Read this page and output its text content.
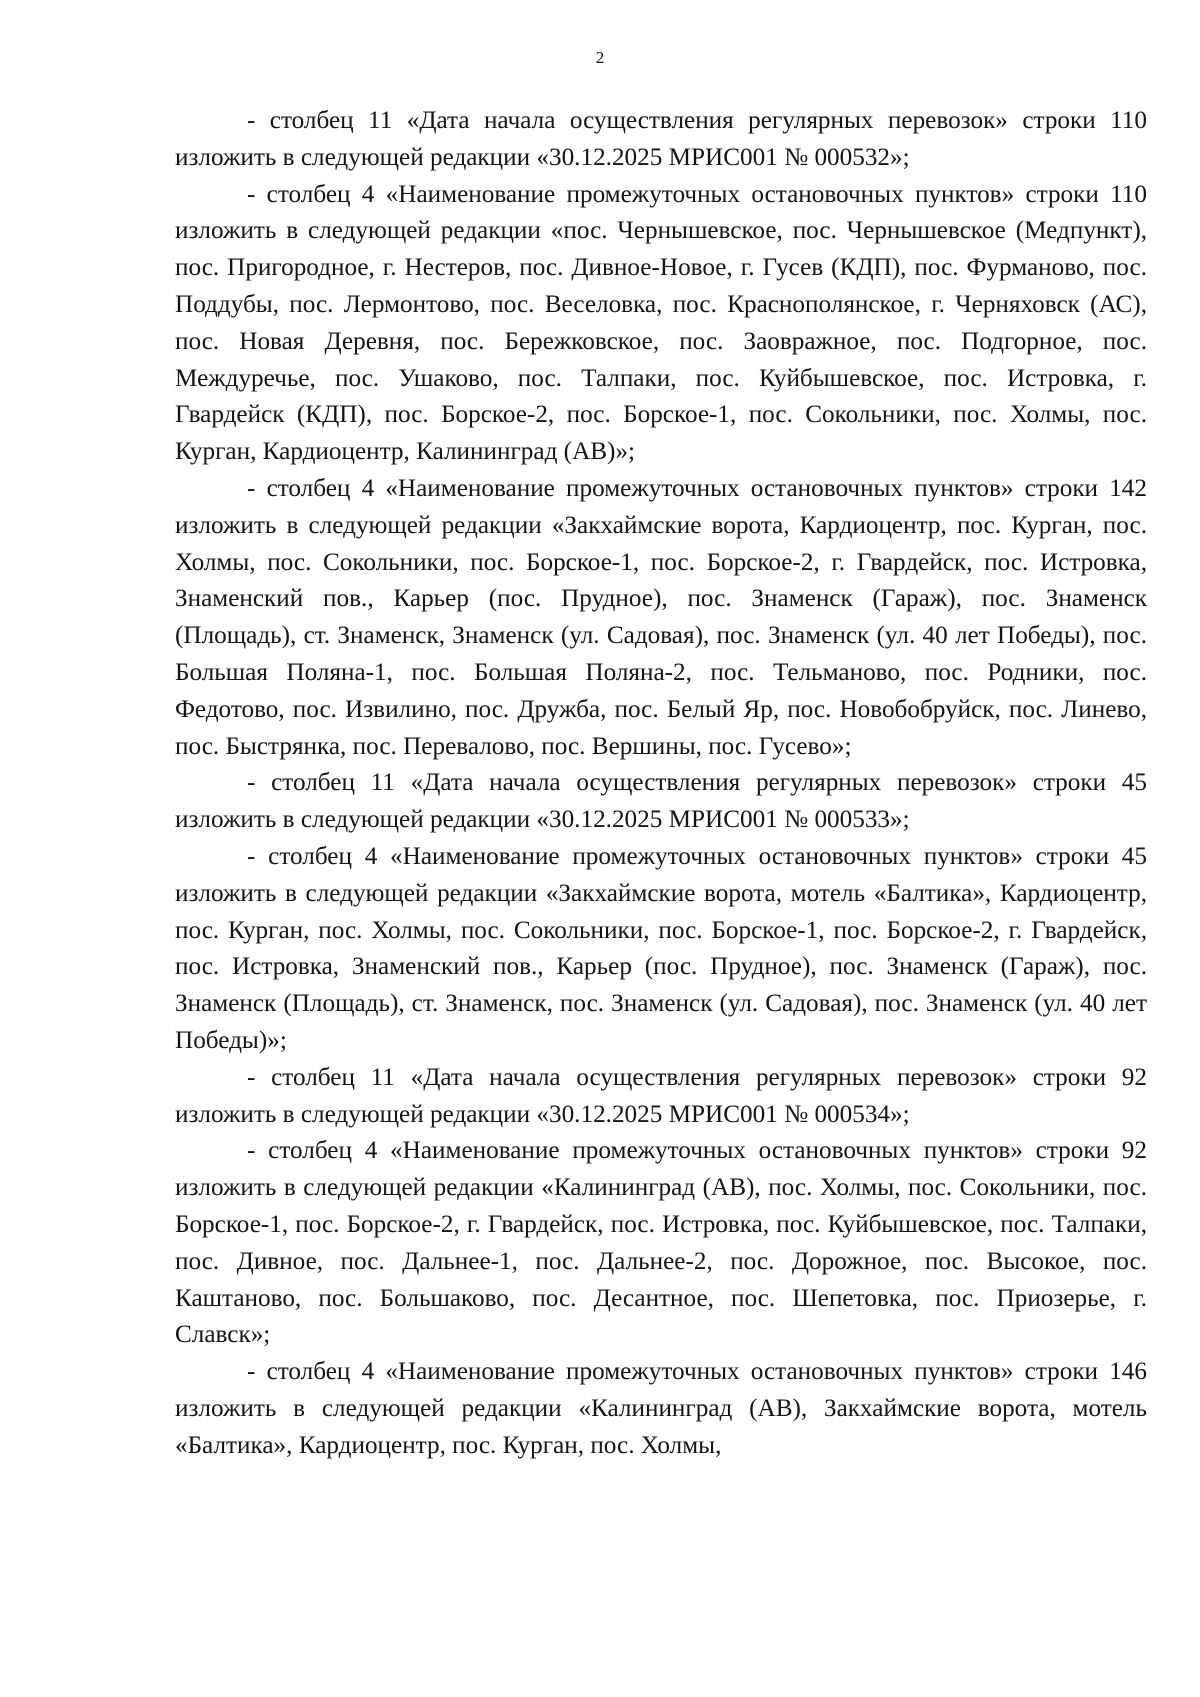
2

- столбец 11 «Дата начала осуществления регулярных перевозок» строки 110 изложить в следующей редакции «30.12.2025 МРИС001 № 000532»;

- столбец 4 «Наименование промежуточных остановочных пунктов» строки 110 изложить в следующей редакции «пос. Чернышевское, пос. Чернышевское (Медпункт), пос. Пригородное, г. Нестеров, пос. Дивное-Новое, г. Гусев (КДП), пос. Фурманово, пос. Поддубы, пос. Лермонтово, пос. Веселовка, пос. Краснополянское, г. Черняховск (АС), пос. Новая Деревня, пос. Бережковское, пос. Заовражное, пос. Подгорное, пос. Междуречье, пос. Ушаково, пос. Талпаки, пос. Куйбышевское, пос. Истровка, г. Гвардейск (КДП), пос. Борское-2, пос. Борское-1, пос. Сокольники, пос. Холмы, пос. Курган, Кардиоцентр, Калининград (АВ)»;

- столбец 4 «Наименование промежуточных остановочных пунктов» строки 142 изложить в следующей редакции «Закхаймские ворота, Кардиоцентр, пос. Курган, пос. Холмы, пос. Сокольники, пос. Борское-1, пос. Борское-2, г. Гвардейск, пос. Истровка, Знаменский пов., Карьер (пос. Прудное), пос. Знаменск (Гараж), пос. Знаменск (Площадь), ст. Знаменск, Знаменск (ул. Садовая), пос. Знаменск (ул. 40 лет Победы), пос. Большая Поляна-1, пос. Большая Поляна-2, пос. Тельманово, пос. Родники, пос. Федотово, пос. Извилино, пос. Дружба, пос. Белый Яр, пос. Новобобруйск, пос. Линево, пос. Быстрянка, пос. Перевалово, пос. Вершины, пос. Гусево»;

- столбец 11 «Дата начала осуществления регулярных перевозок» строки 45 изложить в следующей редакции «30.12.2025 МРИС001 № 000533»;

- столбец 4 «Наименование промежуточных остановочных пунктов» строки 45 изложить в следующей редакции «Закхаймские ворота, мотель «Балтика», Кардиоцентр, пос. Курган, пос. Холмы, пос. Сокольники, пос. Борское-1, пос. Борское-2, г. Гвардейск, пос. Истровка, Знаменский пов., Карьер (пос. Прудное), пос. Знаменск (Гараж), пос. Знаменск (Площадь), ст. Знаменск, пос. Знаменск (ул. Садовая), пос. Знаменск (ул. 40 лет Победы)»;

- столбец 11 «Дата начала осуществления регулярных перевозок» строки 92 изложить в следующей редакции «30.12.2025 МРИС001 № 000534»;

- столбец 4 «Наименование промежуточных остановочных пунктов» строки 92 изложить в следующей редакции «Калининград (АВ), пос. Холмы, пос. Сокольники, пос. Борское-1, пос. Борское-2, г. Гвардейск, пос. Истровка, пос. Куйбышевское, пос. Талпаки, пос. Дивное, пос. Дальнее-1, пос. Дальнее-2, пос. Дорожное, пос. Высокое, пос. Каштаново, пос. Большаково, пос. Десантное, пос. Шепетовка, пос. Приозерье, г. Славск»;

- столбец 4 «Наименование промежуточных остановочных пунктов» строки 146 изложить в следующей редакции «Калининград (АВ), Закхаймские ворота, мотель «Балтика», Кардиоцентр, пос. Курган, пос. Холмы,
